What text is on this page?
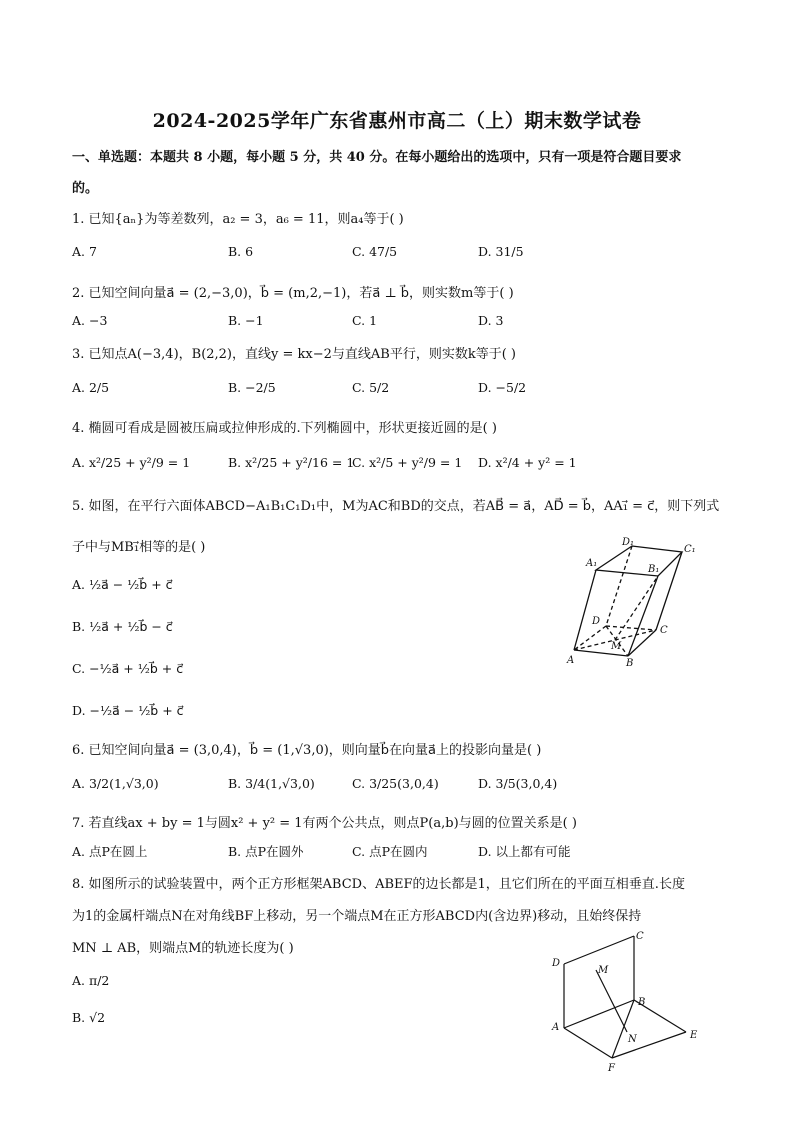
2024-2025学年广东省惠州市高二（上）期末数学试卷
一、单选题：本题共 8 小题，每小题 5 分，共 40 分。在每小题给出的选项中，只有一项是符合题目要求
的。
1. 已知{aₙ}为等差数列，a₂ = 3，a₆ = 11，则a₄等于( )
A. 7	B. 6	C. 47/5	D. 31/5
2. 已知空间向量a⃗ = (2,−3,0)，b⃗ = (m,2,−1)，若a⃗ ⊥ b⃗，则实数m等于( )
A. −3	B. −1	C. 1	D. 3
3. 已知点A(−3,4)，B(2,2)，直线y = kx−2与直线AB平行，则实数k等于( )
A. 2/5	B. −2/5	C. 5/2	D. −5/2
4. 椭圆可看成是圆被压扁或拉伸形成的.下列椭圆中，形状更接近圆的是( )
A. x²/25 + y²/9 = 1	B. x²/25 + y²/16 = 1
C. x²/5 + y²/9 = 1 D. x²/4 + y² = 1
5. 如图，在平行六面体ABCD−A₁B₁C₁D₁中，M为AC和BD的交点，若AB⃗ = a⃗，AD⃗ = b⃗，AA₁⃗ = c⃗，则下列式
子中与MB₁⃗相等的是( )
A. ½a⃗ − ½b⃗ + c⃗
B. ½a⃗ + ½b⃗ − c⃗
C. −½a⃗ + ½b⃗ + c⃗
D. −½a⃗ − ½b⃗ + c⃗
D₁
C₁
A₁
B₁
D
C
M
A	B
6. 已知空间向量a⃗ = (3,0,4)，b⃗ = (1,√3,0)，则向量b⃗在向量a⃗上的投影向量是( )
A. 3/2(1,√3,0)	B. 3/4(1,√3,0)	C. 3/25(3,0,4)	D. 3/5(3,0,4)
7. 若直线ax + by = 1与圆x² + y² = 1有两个公共点，则点P(a,b)与圆的位置关系是( )
A. 点P在圆上	B. 点P在圆外	C. 点P在圆内	D. 以上都有可能
8. 如图所示的试验装置中，两个正方形框架ABCD、ABEF的边长都是1，且它们所在的平面互相垂直.长度
为1的金属杆端点N在对角线BF上移动，另一个端点M在正方形ABCD内(含边界)移动，且始终保持
MN ⊥ AB，则端点M的轨迹长度为( )
A. π/2
B. √2
C
D
M
B
A
N	E
F
